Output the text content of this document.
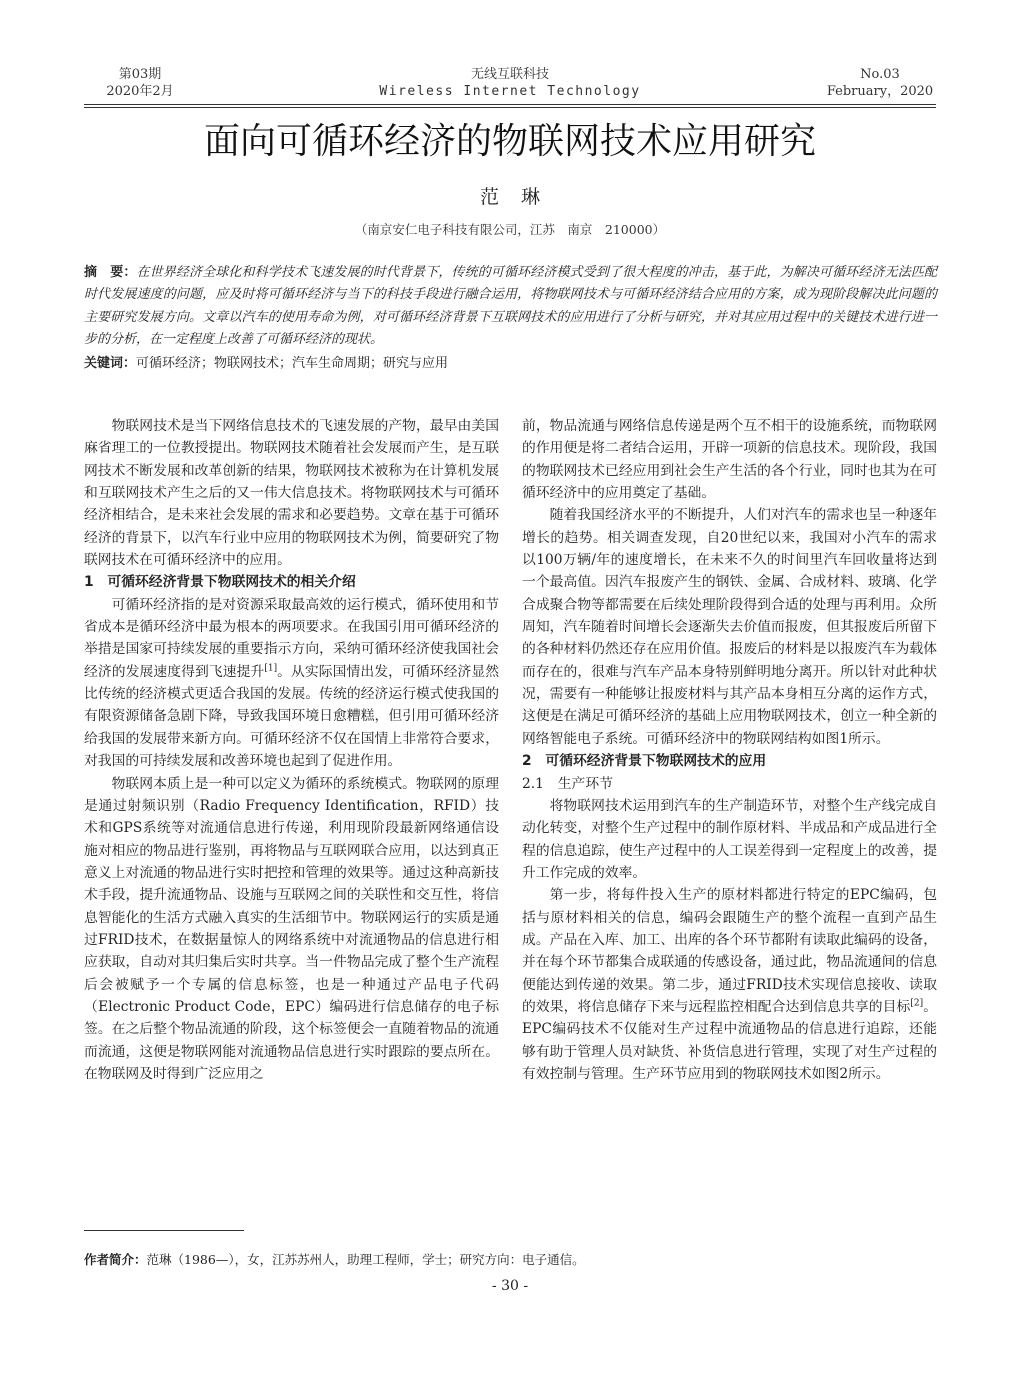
第03期
2020年2月
无线互联科技
Wireless Internet Technology
No.03
February，2020
面向可循环经济的物联网技术应用研究
范琳
（南京安仁电子科技有限公司，江苏　南京　210000）
摘　要：在世界经济全球化和科学技术飞速发展的时代背景下，传统的可循环经济模式受到了很大程度的冲击，基于此，为解决可循环经济无法匹配时代发展速度的问题，应及时将可循环经济与当下的科技手段进行融合运用，将物联网技术与可循环经济结合应用的方案，成为现阶段解决此问题的主要研究发展方向。文章以汽车的使用寿命为例，对可循环经济背景下互联网技术的应用进行了分析与研究，并对其应用过程中的关键技术进行进一步的分析，在一定程度上改善了可循环经济的现状。
关键词：可循环经济；物联网技术；汽车生命周期；研究与应用

物联网技术是当下网络信息技术的飞速发展的产物，最早由美国麻省理工的一位教授提出。物联网技术随着社会发展而产生，是互联网技术不断发展和改革创新的结果，物联网技术被称为在计算机发展和互联网技术产生之后的又一伟大信息技术。将物联网技术与可循环经济相结合，是未来社会发展的需求和必要趋势。文章在基于可循环经济的背景下，以汽车行业中应用的物联网技术为例，简要研究了物联网技术在可循环经济中的应用。

1　可循环经济背景下物联网技术的相关介绍

可循环经济指的是对资源采取最高效的运行模式，循环使用和节省成本是循环经济中最为根本的两项要求。在我国引用可循环经济的举措是国家可持续发展的重要指示方向，采纳可循环经济使我国社会经济的发展速度得到飞速提升[1]。从实际国情出发，可循环经济显然比传统的经济模式更适合我国的发展。传统的经济运行模式使我国的有限资源储备急剧下降，导致我国环境日愈糟糕，但引用可循环经济给我国的发展带来新方向。可循环经济不仅在国情上非常符合要求，对我国的可持续发展和改善环境也起到了促进作用。

物联网本质上是一种可以定义为循环的系统模式。物联网的原理是通过射频识别（Radio Frequency Identification，RFID）技术和GPS系统等对流通信息进行传递，利用现阶段最新网络通信设施对相应的物品进行鉴别，再将物品与互联网联合应用，以达到真正意义上对流通的物品进行实时把控和管理的效果等。通过这种高新技术手段，提升流通物品、设施与互联网之间的关联性和交互性，将信息智能化的生活方式融入真实的生活细节中。物联网运行的实质是通过FRID技术，在数据量惊人的网络系统中对流通物品的信息进行相应获取，自动对其归集后实时共享。当一件物品完成了整个生产流程后会被赋予一个专属的信息标签，也是一种通过产品电子代码（Electronic Product Code，EPC）编码进行信息储存的电子标签。在之后整个物品流通的阶段，这个标签便会一直随着物品的流通而流通，这便是物联网能对流通物品信息进行实时跟踪的要点所在。在物联网及时得到广泛应用之

前，物品流通与网络信息传递是两个互不相干的设施系统，而物联网的作用便是将二者结合运用，开辟一项新的信息技术。现阶段，我国的物联网技术已经应用到社会生产生活的各个行业，同时也其为在可循环经济中的应用奠定了基础。

随着我国经济水平的不断提升，人们对汽车的需求也呈一种逐年增长的趋势。相关调查发现，自20世纪以来，我国对小汽车的需求以100万辆/年的速度增长，在未来不久的时间里汽车回收量将达到一个最高值。因汽车报废产生的钢铁、金属、合成材料、玻璃、化学合成聚合物等都需要在后续处理阶段得到合适的处理与再利用。众所周知，汽车随着时间增长会逐渐失去价值而报废，但其报废后所留下的各种材料仍然还存在应用价值。报废后的材料是以报废汽车为载体而存在的，很难与汽车产品本身特别鲜明地分离开。所以针对此种状况，需要有一种能够让报废材料与其产品本身相互分离的运作方式，这便是在满足可循环经济的基础上应用物联网技术，创立一种全新的网络智能电子系统。可循环经济中的物联网结构如图1所示。

2　可循环经济背景下物联网技术的应用
2.1　生产环节

将物联网技术运用到汽车的生产制造环节，对整个生产线完成自动化转变，对整个生产过程中的制作原材料、半成品和产成品进行全程的信息追踪，使生产过程中的人工误差得到一定程度上的改善，提升工作完成的效率。

第一步，将每件投入生产的原材料都进行特定的EPC编码，包括与原材料相关的信息，编码会跟随生产的整个流程一直到产品生成。产品在入库、加工、出库的各个环节都附有读取此编码的设备，并在每个环节都集合成联通的传感设备，通过此，物品流通间的信息便能达到传递的效果。第二步，通过FRID技术实现信息接收、读取的效果，将信息储存下来与远程监控相配合达到信息共享的目标[2]。EPC编码技术不仅能对生产过程中流通物品的信息进行追踪，还能够有助于管理人员对缺货、补货信息进行管理，实现了对生产过程的有效控制与管理。生产环节应用到的物联网技术如图2所示。

作者简介：范琳（1986—），女，江苏苏州人，助理工程师，学士；研究方向：电子通信。
- 30 -
